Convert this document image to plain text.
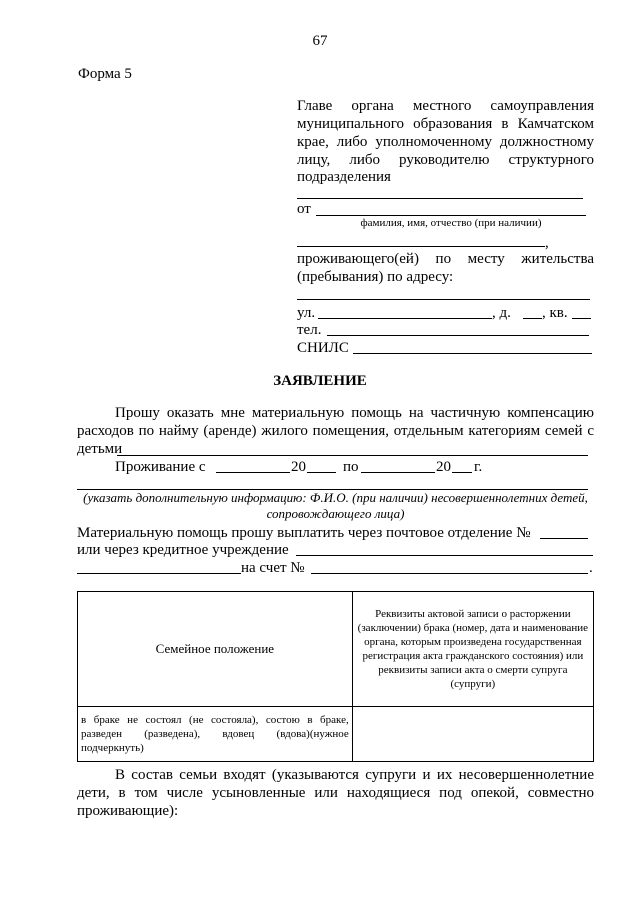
67
Форма 5
Главе органа местного самоуправления
муниципального образования в Камчатском
крае, либо уполномоченному должностному
лицу, либо руководителю структурного
подразделения
от
фамилия, имя, отчество (при наличии)
,
проживающего(ей) по месту жительства
(пребывания) по адресу:
ул.	, д. , кв.
тел.
СНИЛС
ЗАЯВЛЕНИЕ
Прошу оказать мне материальную помощь на частичную компенсацию
расходов по найму (аренде) жилого помещения, отдельным категориям семей с
детьми
Проживание с	20 по	20 г.
(указать дополнительную информацию: Ф.И.О. (при наличии) несовершеннолетних детей,
сопровождающего лица)
Материальную помощь прошу выплатить через почтовое отделение №
или через кредитное учреждение
на счет №	.
Семейное положение	Реквизиты актовой записи о расторжении (заключении) брака (номер, дата и наименование органа, которым произведена государственная регистрация акта гражданского состояния) или реквизиты записи акта о смерти супруга (супруги)

в браке не состоял (не состояла), состою в браке,
разведен (разведена), вдовец (вдова)(нужное
подчеркнуть)	

В состав семьи входят (указываются супруги и их несовершеннолетние
дети, в том числе усыновленные или находящиеся под опекой, совместно
проживающие):
